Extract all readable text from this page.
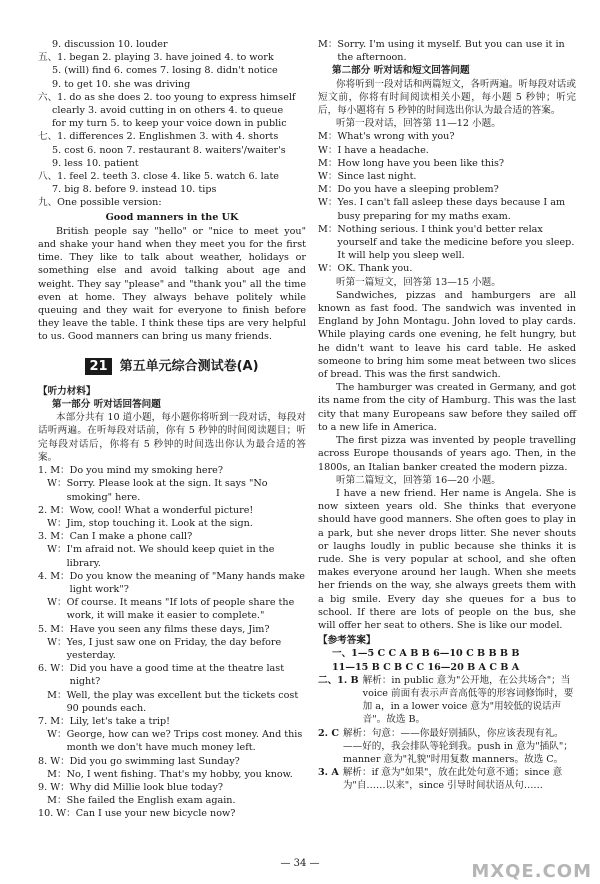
9. discussion 10. louder
五、1. began 2. playing 3. have joined 4. to work
5. (will) find 6. comes 7. losing 8. didn't notice
9. to get 10. she was driving
六、1. do as she does 2. too young to express himself
clearly 3. avoid cutting in on others 4. to queue
for my turn 5. to keep your voice down in public
七、1. differences 2. Englishmen 3. with 4. shorts
5. cost 6. noon 7. restaurant 8. waiters'/waiter's
9. less 10. patient
八、1. feel 2. teeth 3. close 4. like 5. watch 6. late
7. big 8. before 9. instead 10. tips
九、One possible version:
Good manners in the UK

British people say "hello" or "nice to meet you" and shake your hand when they meet you for the first time. They like to talk about weather, holidays or something else and avoid talking about age and weight. They say "please" and "thank you" all the time even at home. They always behave politely while queuing and they wait for everyone to finish before they leave the table. I think these tips are very helpful to us. Good manners can bring us many friends.

21 第五单元综合测试卷(A)
【听力材料】
第一部分 听对话回答问题

本部分共有 10 道小题，每小题你将听到一段对话，每段对话听两遍。在听每段对话前，你有 5 秒钟的时间阅读题目；听完每段对话后，你将有 5 秒钟的时间选出你认为最合适的答案。

1. M： Do you mind my smoking here?
W： Sorry. Please look at the sign. It says "No smoking" here.
2. M： Wow, cool! What a wonderful picture!
W： Jim, stop touching it. Look at the sign.
3. M： Can I make a phone call?
W： I'm afraid not. We should keep quiet in the library.
4. M： Do you know the meaning of "Many hands make light work"?
W： Of course. It means "If lots of people share the work, it will make it easier to complete."
5. M： Have you seen any films these days, Jim?
W： Yes, I just saw one on Friday, the day before yesterday.
6. W： Did you have a good time at the theatre last night?
M： Well, the play was excellent but the tickets cost 90 pounds each.
7. M： Lily, let's take a trip!
W： George, how can we? Trips cost money. And this month we don't have much money left.
8. W： Did you go swimming last Sunday?
M： No, I went fishing. That's my hobby, you know.
9. W： Why did Millie look blue today?
M： She failed the English exam again.
10. W： Can I use your new bicycle now?
M： Sorry. I'm using it myself. But you can use it in the afternoon.
第二部分 听对话和短文回答问题

你将听到一段对话和两篇短文，各听两遍。听每段对话或短文前，你将有时间阅读相关小题，每小题 5 秒钟；听完后，每小题将有 5 秒钟的时间选出你认为最合适的答案。

听第一段对话，回答第 11—12 小题。

M： What's wrong with you?
W： I have a headache.
M： How long have you been like this?
W： Since last night.
M： Do you have a sleeping problem?
W： Yes. I can't fall asleep these days because I am busy preparing for my maths exam.
M： Nothing serious. I think you'd better relax yourself and take the medicine before you sleep. It will help you sleep well.
W： OK. Thank you.

听第一篇短文，回答第 13—15 小题。

Sandwiches, pizzas and hamburgers are all known as fast food. The sandwich was invented in England by John Montagu. John loved to play cards. While playing cards one evening, he felt hungry, but he didn't want to leave his card table. He asked someone to bring him some meat between two slices of bread. This was the first sandwich.

The hamburger was created in Germany, and got its name from the city of Hamburg. This was the last city that many Europeans saw before they sailed off to a new life in America.

The first pizza was invented by people travelling across Europe thousands of years ago. Then, in the 1800s, an Italian banker created the modern pizza.

听第二篇短文，回答第 16—20 小题。

I have a new friend. Her name is Angela. She is now sixteen years old. She thinks that everyone should have good manners. She often goes to play in a park, but she never drops litter. She never shouts or laughs loudly in public because she thinks it is rude. She is very popular at school, and she often makes everyone around her laugh. When she meets her friends on the way, she always greets them with a big smile. Every day she queues for a bus to school. If there are lots of people on the bus, she will offer her seat to others. She is like our model.

【参考答案】
一、1—5 C C A B B 6—10 C B B B B
11—15 B C B C C 16—20 B A C B A
二、1. B 解析：in public 意为"公开地，在公共场合"；当 voice 前面有表示声音高低等的形容词修饰时，要加 a，in a lower voice 意为"用较低的说话声音"。故选 B。
2. C 解析：句意：——你最好别插队，你应该表现有礼。——好的，我会排队等轮到我。push in 意为"插队"；manner 意为"礼貌"时用复数 manners。故选 C。
3. A 解析：if 意为"如果"，放在此处句意不通；since 意为"自……以来"，since 引导时间状语从句……
— 34 —	MXQE.COM
